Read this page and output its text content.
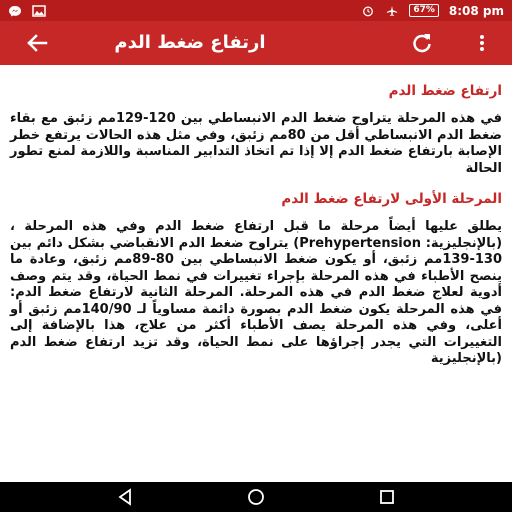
67%	8:08 pm
ارتفاع ضغط الدم
ارتفاع ضغط الدم
في هذه المرحلة يتراوح ضغط الدم الانبساطي بين 120-129مم زئبق مع بقاء ضغط الدم الانبساطي أقل من 80مم زئبق، وفي مثل هذه الحالات يرتفع خطر الإصابة بارتفاع ضغط الدم إلا إذا تم اتخاذ التدابير المناسبة واللازمة لمنع تطور الحالة
المرحلة الأولى لارتفاع ضغط الدم
يطلق عليها أيضاً مرحلة ما قبل ارتفاع ضغط الدم وفي هذه المرحلة ،(بالإنجليزية: Prehypertension) يتراوح ضغط الدم الانقباضي بشكل دائم بين 130-139مم زئبق، أو يكون ضغط الانبساطي بين 80-89مم زئبق، وعادة ما ينصح الأطباء في هذه المرحلة بإجراء تغييرات في نمط الحياة، وقد يتم وصف أدوية لعلاج ضغط الدم في هذه المرحلة. المرحلة الثانية لارتفاع ضغط الدم: في هذه المرحلة يكون ضغط الدم بصورة دائمة مساوياً لـ 140/90مم زئبق أو أعلى، وفي هذه المرحلة يصف الأطباء أكثر من علاج، هذا بالإضافة إلى التغييرات التي يجدر إجراؤها على نمط الحياة، وقد تزيد ارتفاع ضغط الدم (بالإنجليزية
